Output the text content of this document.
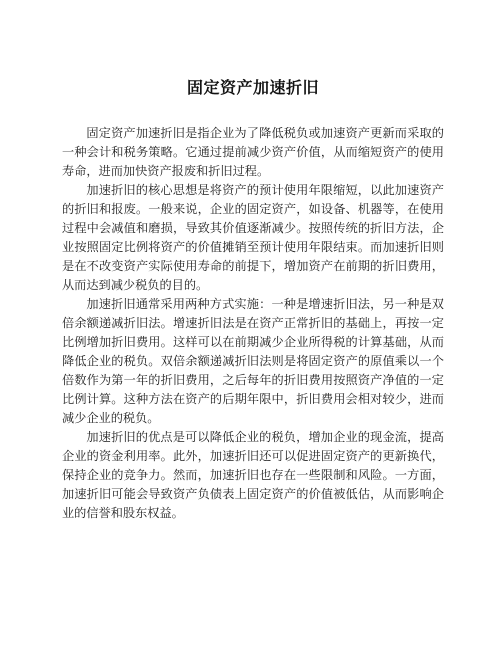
固定资产加速折旧

固定资产加速折旧是指企业为了降低税负或加速资产更新而采取的一种会计和税务策略。它通过提前减少资产价值，从而缩短资产的使用寿命，进而加快资产报废和折旧过程。

加速折旧的核心思想是将资产的预计使用年限缩短，以此加速资产的折旧和报废。一般来说，企业的固定资产，如设备、机器等，在使用过程中会减值和磨损，导致其价值逐渐减少。按照传统的折旧方法，企业按照固定比例将资产的价值摊销至预计使用年限结束。而加速折旧则是在不改变资产实际使用寿命的前提下，增加资产在前期的折旧费用，从而达到减少税负的目的。

加速折旧通常采用两种方式实施：一种是增速折旧法，另一种是双倍余额递减折旧法。增速折旧法是在资产正常折旧的基础上，再按一定比例增加折旧费用。这样可以在前期减少企业所得税的计算基础，从而降低企业的税负。双倍余额递减折旧法则是将固定资产的原值乘以一个倍数作为第一年的折旧费用，之后每年的折旧费用按照资产净值的一定比例计算。这种方法在资产的后期年限中，折旧费用会相对较少，进而减少企业的税负。

加速折旧的优点是可以降低企业的税负，增加企业的现金流，提高企业的资金利用率。此外，加速折旧还可以促进固定资产的更新换代，保持企业的竞争力。然而，加速折旧也存在一些限制和风险。一方面，加速折旧可能会导致资产负债表上固定资产的价值被低估，从而影响企业的信誉和股东权益。
